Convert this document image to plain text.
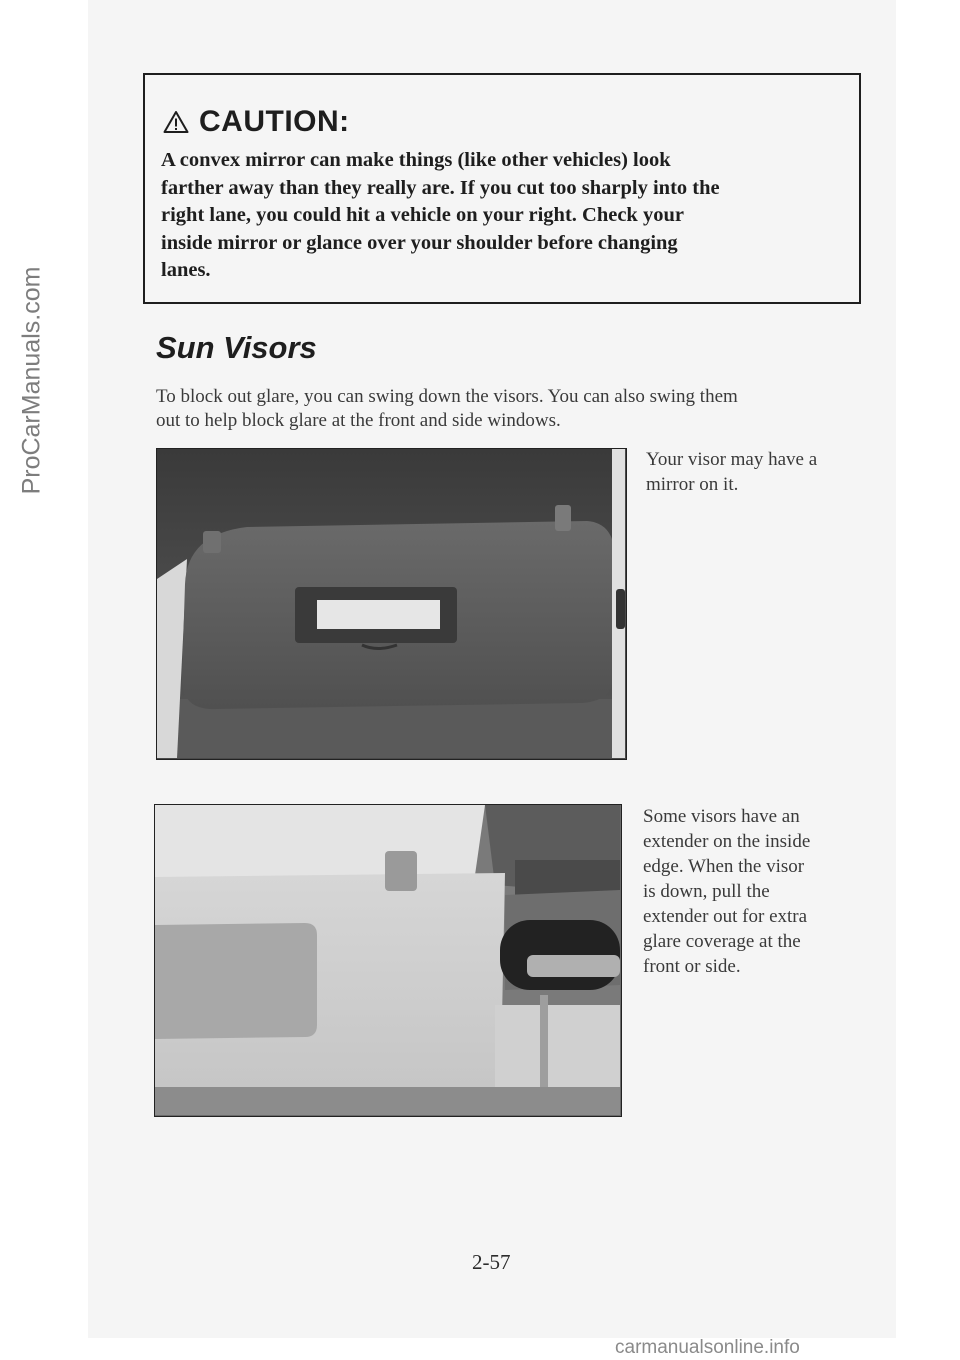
ProCarManuals.com
CAUTION:
A convex mirror can make things (like other vehicles) look
farther away than they really are. If you cut too sharply into the
right lane, you could hit a vehicle on your right. Check your
inside mirror or glance over your shoulder before changing
lanes.
Sun Visors
To block out glare, you can swing down the visors. You can also swing them
out to help block glare at the front and side windows.
Your visor may have a
mirror on it.
Some visors have an
extender on the inside
edge. When the visor
is down, pull the
extender out for extra
glare coverage at the
front or side.
2-57
carmanualsonline.info
